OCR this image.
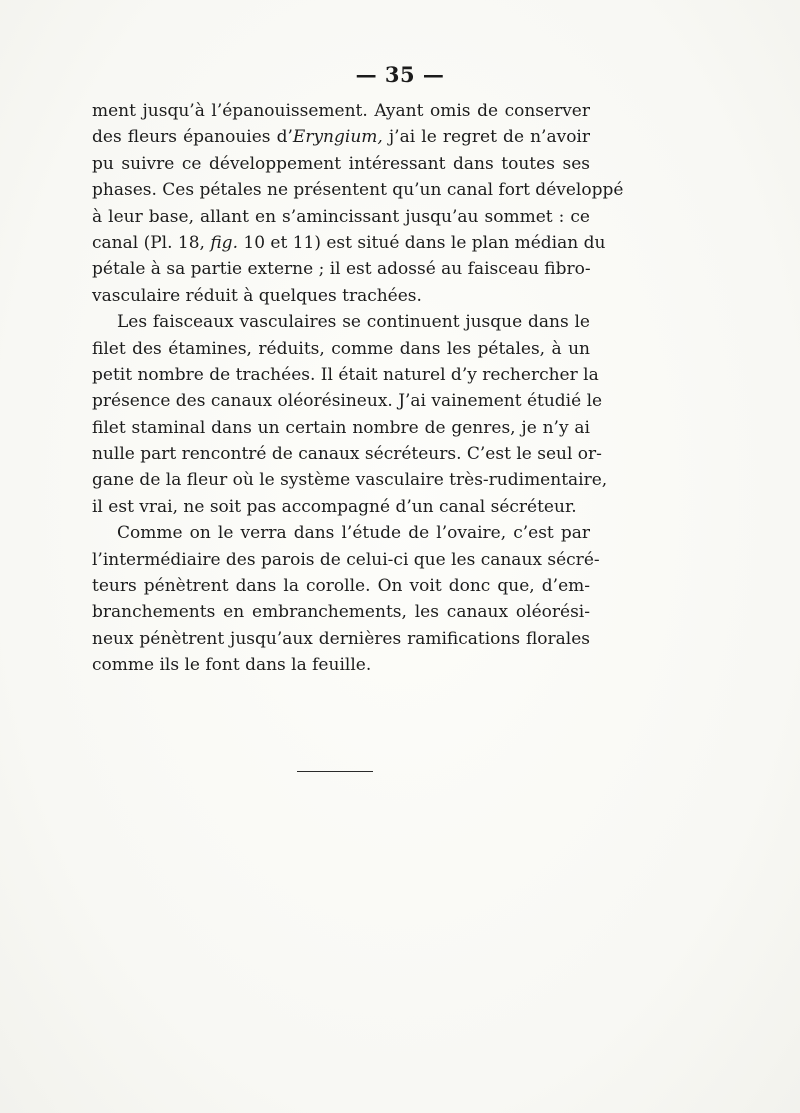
— 35 —
ment jusqu’à l’épanouissement. Ayant omis de conserver
des fleurs épanouies d’Eryngium, j’ai le regret de n’avoir
pu suivre ce développement intéressant dans toutes ses
phases. Ces pétales ne présentent qu’un canal fort développé
à leur base, allant en s’amincissant jusqu’au sommet : ce
canal (Pl. 18, fig. 10 et 11) est situé dans le plan médian du
pétale à sa partie externe ; il est adossé au faisceau fibro-
vasculaire réduit à quelques trachées.
Les faisceaux vasculaires se continuent jusque dans le
filet des étamines, réduits, comme dans les pétales, à un
petit nombre de trachées. Il était naturel d’y rechercher la
présence des canaux oléorésineux. J’ai vainement étudié le
filet staminal dans un certain nombre de genres, je n’y ai
nulle part rencontré de canaux sécréteurs. C’est le seul or-
gane de la fleur où le système vasculaire très-rudimentaire,
il est vrai, ne soit pas accompagné d’un canal sécréteur.
Comme on le verra dans l’étude de l’ovaire, c’est par
l’intermédiaire des parois de celui-ci que les canaux sécré-
teurs pénètrent dans la corolle. On voit donc que, d’em-
branchements en embranchements, les canaux oléorési-
neux pénètrent jusqu’aux dernières ramifications florales
comme ils le font dans la feuille.
